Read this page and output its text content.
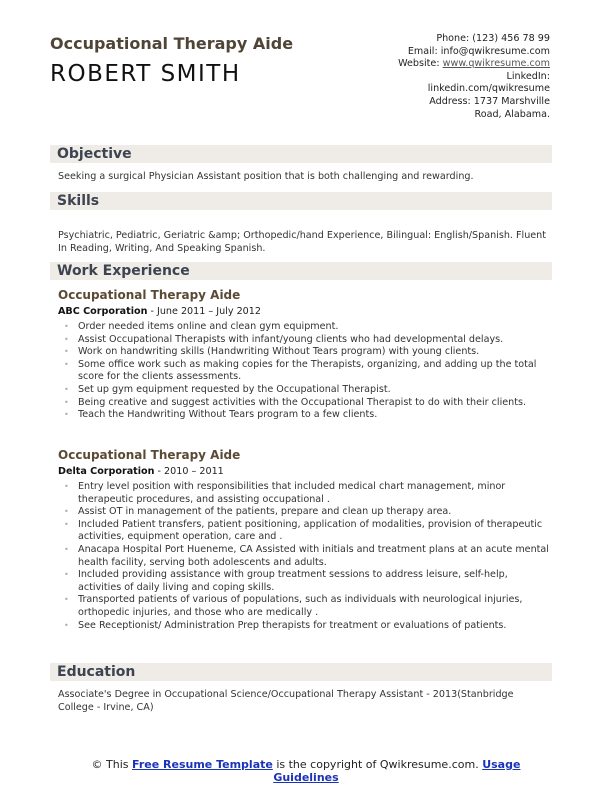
Occupational Therapy Aide
ROBERT SMITH
Phone: (123) 456 78 99
Email: info@qwikresume.com
Website: www.qwikresume.com
LinkedIn:
linkedin.com/qwikresume
Address: 1737 Marshville Road, Alabama.
Objective
Seeking a surgical Physician Assistant position that is both challenging and rewarding.
Skills
Psychiatric, Pediatric, Geriatric &amp; Orthopedic/hand Experience, Bilingual: English/Spanish. Fluent In Reading, Writing, And Speaking Spanish.
Work Experience
Occupational Therapy Aide
ABC Corporation - June 2011 – July 2012
• Order needed items online and clean gym equipment.
• Assist Occupational Therapists with infant/young clients who had developmental delays.
• Work on handwriting skills (Handwriting Without Tears program) with young clients.
• Some office work such as making copies for the Therapists, organizing, and adding up the total score for the clients assessments.
• Set up gym equipment requested by the Occupational Therapist.
• Being creative and suggest activities with the Occupational Therapist to do with their clients.
• Teach the Handwriting Without Tears program to a few clients.
Occupational Therapy Aide
Delta Corporation - 2010 – 2011
• Entry level position with responsibilities that included medical chart management, minor therapeutic procedures, and assisting occupational .
• Assist OT in management of the patients, prepare and clean up therapy area.
• Included Patient transfers, patient positioning, application of modalities, provision of therapeutic activities, equipment operation, care and .
• Anacapa Hospital Port Hueneme, CA Assisted with initials and treatment plans at an acute mental health facility, serving both adolescents and adults.
• Included providing assistance with group treatment sessions to address leisure, self-help, activities of daily living and coping skills.
• Transported patients of various of populations, such as individuals with neurological injuries, orthopedic injuries, and those who are medically .
• See Receptionist/ Administration Prep therapists for treatment or evaluations of patients.
Education
Associate's Degree in Occupational Science/Occupational Therapy Assistant - 2013(Stanbridge College - Irvine, CA)
© This Free Resume Template is the copyright of Qwikresume.com. Usage Guidelines
